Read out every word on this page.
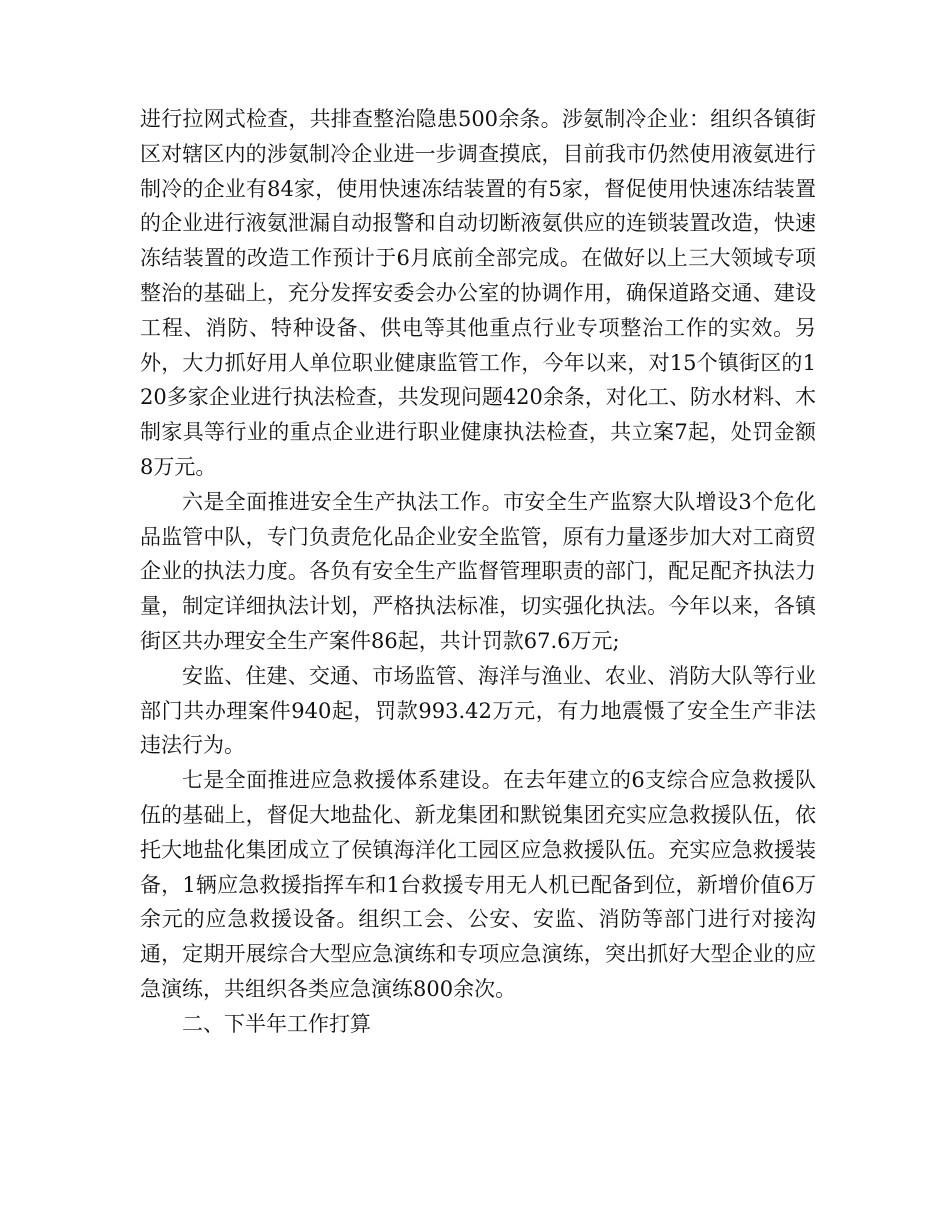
进行拉网式检查，共排查整治隐患500余条。涉氨制冷企业：组织各镇街区对辖区内的涉氨制冷企业进一步调查摸底，目前我市仍然使用液氨进行制冷的企业有84家，使用快速冻结装置的有5家，督促使用快速冻结装置的企业进行液氨泄漏自动报警和自动切断液氨供应的连锁装置改造，快速冻结装置的改造工作预计于6月底前全部完成。在做好以上三大领域专项整治的基础上，充分发挥安委会办公室的协调作用，确保道路交通、建设工程、消防、特种设备、供电等其他重点行业专项整治工作的实效。另外，大力抓好用人单位职业健康监管工作，今年以来，对15个镇街区的120多家企业进行执法检查，共发现问题420余条，对化工、防水材料、木制家具等行业的重点企业进行职业健康执法检查，共立案7起，处罚金额8万元。

六是全面推进安全生产执法工作。市安全生产监察大队增设3个危化品监管中队，专门负责危化品企业安全监管，原有力量逐步加大对工商贸企业的执法力度。各负有安全生产监督管理职责的部门，配足配齐执法力量，制定详细执法计划，严格执法标准，切实强化执法。今年以来，各镇街区共办理安全生产案件86起，共计罚款67.6万元;

安监、住建、交通、市场监管、海洋与渔业、农业、消防大队等行业部门共办理案件940起，罚款993.42万元，有力地震慑了安全生产非法违法行为。

七是全面推进应急救援体系建设。在去年建立的6支综合应急救援队伍的基础上，督促大地盐化、新龙集团和默锐集团充实应急救援队伍，依托大地盐化集团成立了侯镇海洋化工园区应急救援队伍。充实应急救援装备，1辆应急救援指挥车和1台救援专用无人机已配备到位，新增价值6万余元的应急救援设备。组织工会、公安、安监、消防等部门进行对接沟通，定期开展综合大型应急演练和专项应急演练，突出抓好大型企业的应急演练，共组织各类应急演练800余次。

二、下半年工作打算
